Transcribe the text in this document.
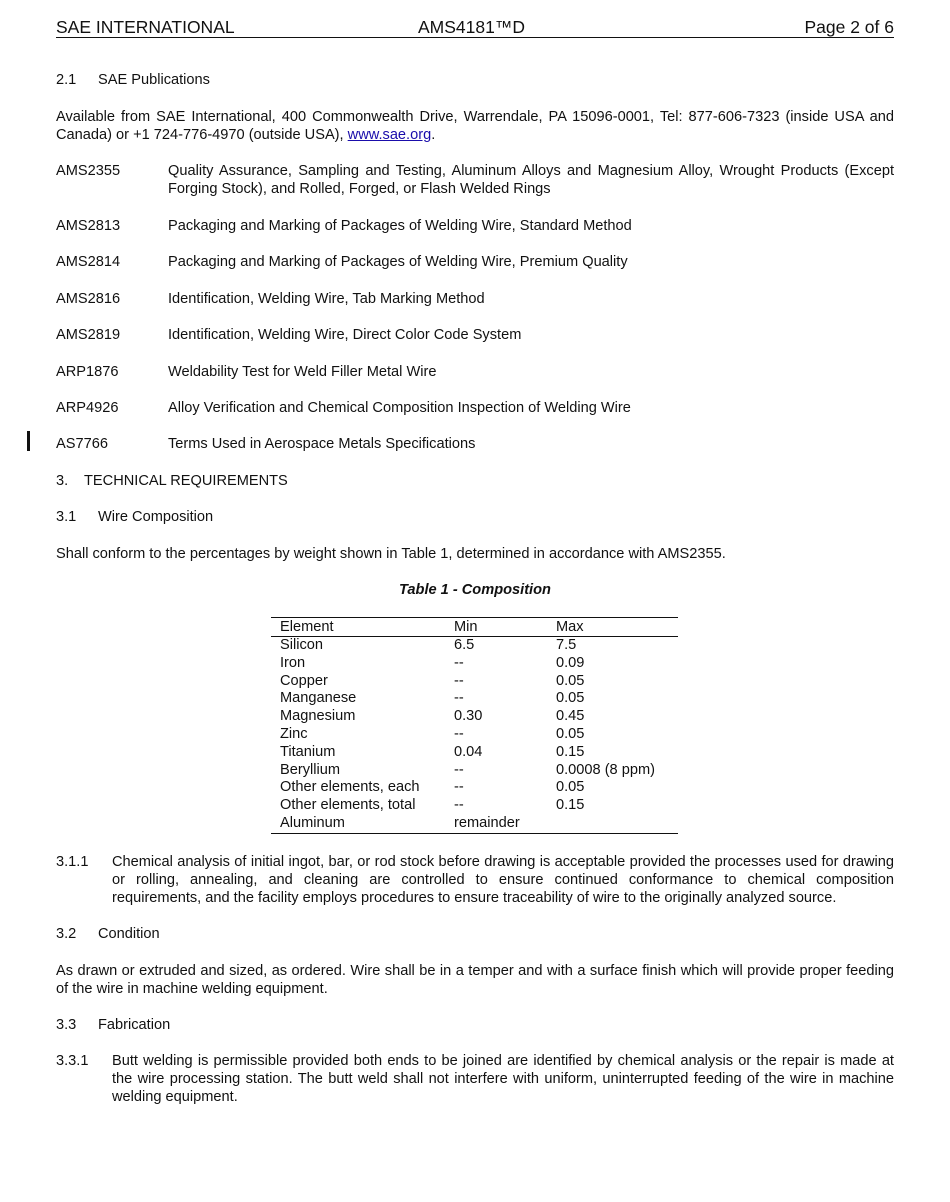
SAE INTERNATIONAL	AMS4181™D	Page 2 of 6
2.1 SAE Publications
Available from SAE International, 400 Commonwealth Drive, Warrendale, PA 15096-0001, Tel: 877-606-7323 (inside USA and Canada) or +1 724-776-4970 (outside USA), www.sae.org.
AMS2355	Quality Assurance, Sampling and Testing, Aluminum Alloys and Magnesium Alloy, Wrought Products (Except Forging Stock), and Rolled, Forged, or Flash Welded Rings
AMS2813	Packaging and Marking of Packages of Welding Wire, Standard Method
AMS2814	Packaging and Marking of Packages of Welding Wire, Premium Quality
AMS2816	Identification, Welding Wire, Tab Marking Method
AMS2819	Identification, Welding Wire, Direct Color Code System
ARP1876	Weldability Test for Weld Filler Metal Wire
ARP4926	Alloy Verification and Chemical Composition Inspection of Welding Wire
AS7766	Terms Used in Aerospace Metals Specifications
3. TECHNICAL REQUIREMENTS
3.1 Wire Composition
Shall conform to the percentages by weight shown in Table 1, determined in accordance with AMS2355.
Table 1 - Composition
Element	Min	Max
Silicon	6.5	7.5
Iron	--	0.09
Copper	--	0.05
Manganese	--	0.05
Magnesium	0.30	0.45
Zinc	--	0.05
Titanium	0.04	0.15
Beryllium	--	0.0008 (8 ppm)
Other elements, each	--	0.05
Other elements, total	--	0.15
Aluminum	remainder	
3.1.1 Chemical analysis of initial ingot, bar, or rod stock before drawing is acceptable provided the processes used for drawing or rolling, annealing, and cleaning are controlled to ensure continued conformance to chemical composition requirements, and the facility employs procedures to ensure traceability of wire to the originally analyzed source.
3.2 Condition
As drawn or extruded and sized, as ordered. Wire shall be in a temper and with a surface finish which will provide proper feeding of the wire in machine welding equipment.
3.3 Fabrication
3.3.1 Butt welding is permissible provided both ends to be joined are identified by chemical analysis or the repair is made at the wire processing station. The butt weld shall not interfere with uniform, uninterrupted feeding of the wire in machine welding equipment.
